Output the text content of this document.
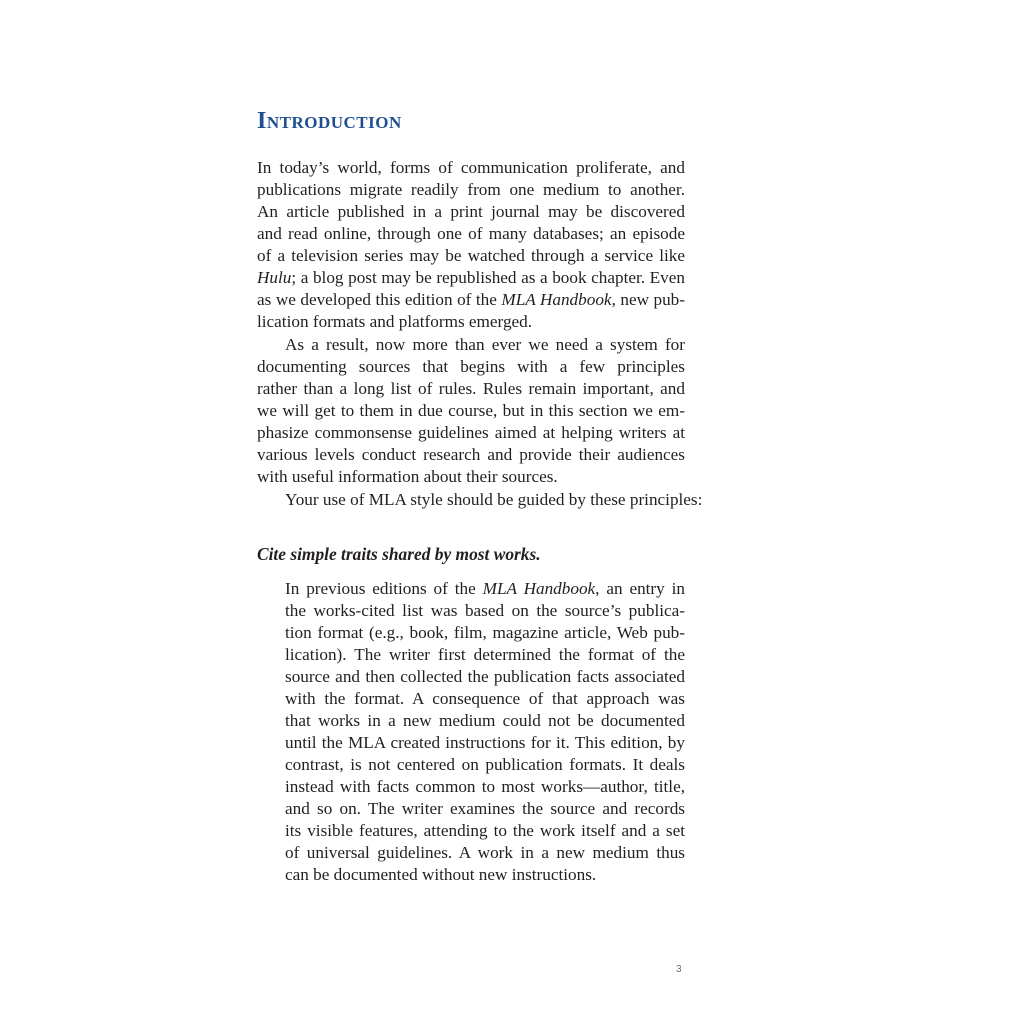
Introduction
In today’s world, forms of communication proliferate, and
publications migrate readily from one medium to another.
An article published in a print journal may be discovered
and read online, through one of many databases; an episode
of a television series may be watched through a service like
Hulu; a blog post may be republished as a book chapter. Even
as we developed this edition of the MLA Handbook, new pub-
lication formats and platforms emerged.
As a result, now more than ever we need a system for
documenting sources that begins with a few principles
rather than a long list of rules. Rules remain important, and
we will get to them in due course, but in this section we em-
phasize commonsense guidelines aimed at helping writers at
various levels conduct research and provide their audiences
with useful information about their sources.
Your use of MLA style should be guided by these principles:
Cite simple traits shared by most works.
In previous editions of the MLA Handbook, an entry in
the works-cited list was based on the source’s publica-
tion format (e.g., book, film, magazine article, Web pub-
lication). The writer first determined the format of the
source and then collected the publication facts associated
with the format. A consequence of that approach was
that works in a new medium could not be documented
until the MLA created instructions for it. This edition, by
contrast, is not centered on publication formats. It deals
instead with facts common to most works—author, title,
and so on. The writer examines the source and records
its visible features, attending to the work itself and a set
of universal guidelines. A work in a new medium thus
can be documented without new instructions.
3
